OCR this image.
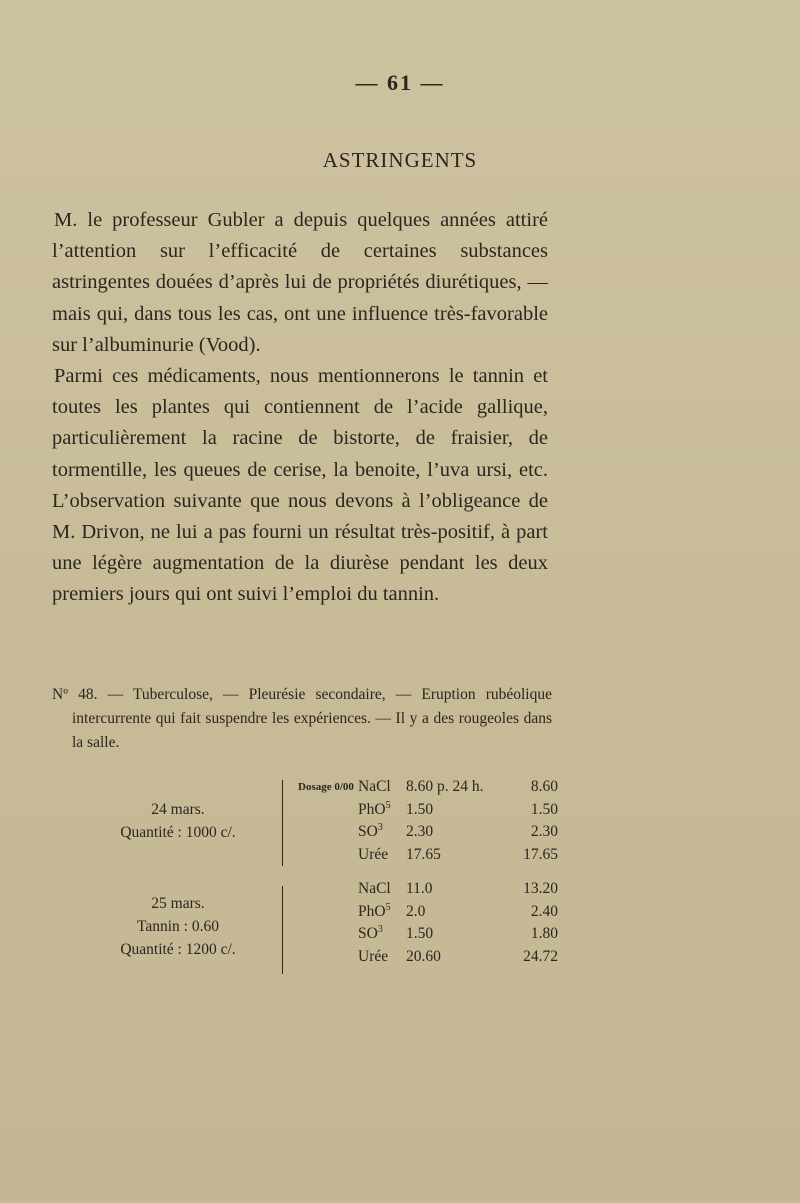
— 61 —
ASTRINGENTS

M. le professeur Gubler a depuis quelques années attiré l’attention sur l’efficacité de certaines substances astringentes douées d’après lui de propriétés diurétiques, — mais qui, dans tous les cas, ont une influence très-favorable sur l’albuminurie (Vood).

Parmi ces médicaments, nous mentionnerons le tannin et toutes les plantes qui contiennent de l’acide gallique, particulièrement la racine de bistorte, de fraisier, de tormentille, les queues de cerise, la benoite, l’uva ursi, etc. L’observation suivante que nous devons à l’obligeance de M. Drivon, ne lui a pas fourni un résultat très-positif, à part une légère augmentation de la diurèse pendant les deux premiers jours qui ont suivi l’emploi du tannin.

Nº 48. — Tuberculose, — Pleurésie secondaire, — Eruption rubéolique intercurrente qui fait suspendre les expériences. — Il y a des rougeoles dans la salle.

24 mars.
Quantité : 1000 c/.
Dosage 0/00 NaCl 8.60 p. 24 h.	8.60
PhO$^5$ 1.50	1.50
$SO^3$ 2.30	2.30
Urée 17.65	17.65
25 mars.
Tannin : 0.60
Quantité : 1200 c/.
NaCl 11.0	13.20
PhO$^5$ 2.0	2.40
$SO^3$ 1.50	1.80
Urée 20.60	24.72
